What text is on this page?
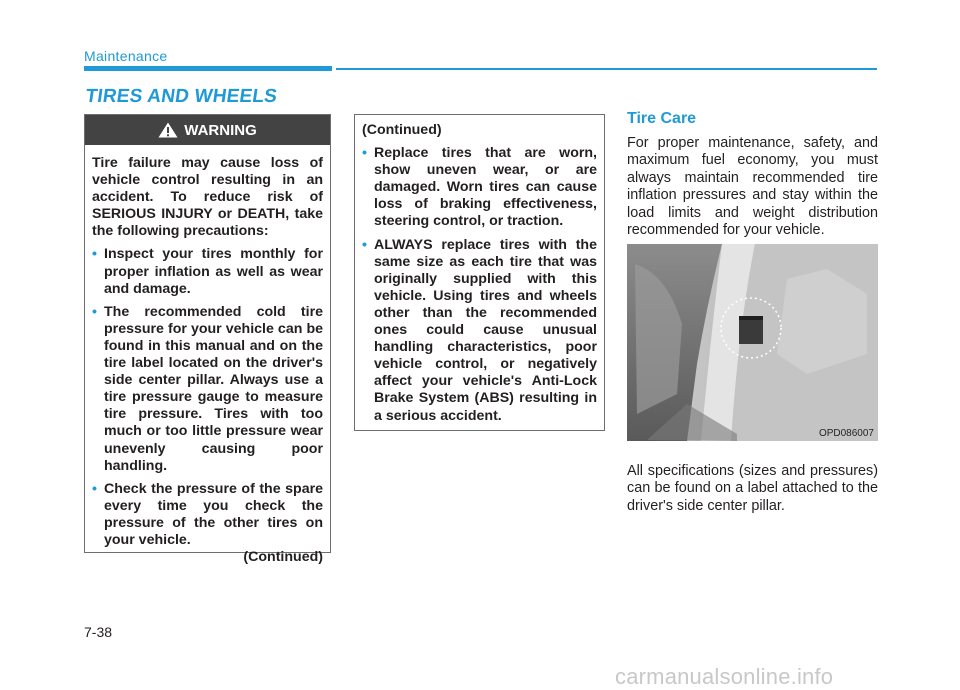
Maintenance
TIRES AND WHEELS
WARNING

Tire failure may cause loss of vehicle control resulting in an accident. To reduce risk of SERIOUS INJURY or DEATH, take the following precautions:

• Inspect your tires monthly for proper inflation as well as wear and damage.
• The recommended cold tire pressure for your vehicle can be found in this manual and on the tire label located on the driver's side center pillar. Always use a tire pressure gauge to measure tire pressure. Tires with too much or too little pressure wear unevenly causing poor handling.
• Check the pressure of the spare every time you check the pressure of the other tires on your vehicle.

(Continued)

(Continued)

• Replace tires that are worn, show uneven wear, or are damaged. Worn tires can cause loss of braking effectiveness, steering control, or traction.
• ALWAYS replace tires with the same size as each tire that was originally supplied with this vehicle. Using tires and wheels other than the recommended ones could cause unusual handling characteristics, poor vehicle control, or negatively affect your vehicle's Anti-Lock Brake System (ABS) resulting in a serious accident.
Tire Care

For proper maintenance, safety, and maximum fuel economy, you must always maintain recommended tire inflation pressures and stay within the load limits and weight distribution recommended for your vehicle.

OPD086007

All specifications (sizes and pressures) can be found on a label attached to the driver's side center pillar.

7-38
carmanualsonline.info
